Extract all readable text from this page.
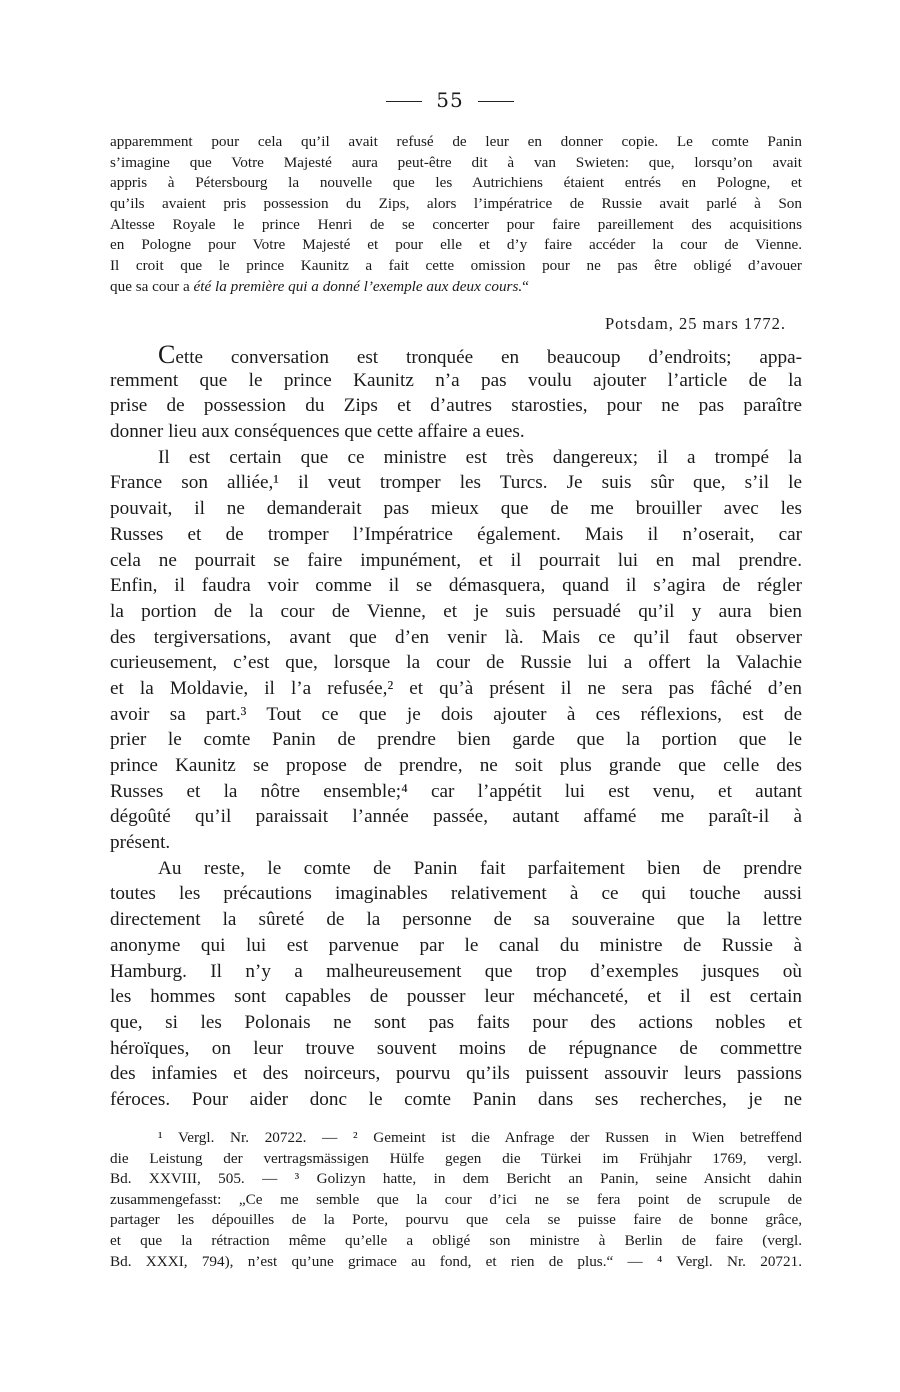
55
apparemment pour cela qu’il avait refusé de leur en donner copie. Le comte Panin
s’imagine que Votre Majesté aura peut-être dit à van Swieten: que, lorsqu’on avait
appris à Pétersbourg la nouvelle que les Autrichiens étaient entrés en Pologne, et
qu’ils avaient pris possession du Zips, alors l’impératrice de Russie avait parlé à Son
Altesse Royale le prince Henri de se concerter pour faire pareillement des acquisitions
en Pologne pour Votre Majesté et pour elle et d’y faire accéder la cour de Vienne.
Il croit que le prince Kaunitz a fait cette omission pour ne pas être obligé d’avouer
que sa cour a été la première qui a donné l’exemple aux deux cours.“
Potsdam, 25 mars 1772.
Cette conversation est tronquée en beaucoup d’endroits; appa-
remment que le prince Kaunitz n’a pas voulu ajouter l’article de la
prise de possession du Zips et d’autres starosties, pour ne pas paraître
donner lieu aux conséquences que cette affaire a eues.
Il est certain que ce ministre est très dangereux; il a trompé la
France son alliée,¹ il veut tromper les Turcs. Je suis sûr que, s’il le
pouvait, il ne demanderait pas mieux que de me brouiller avec les
Russes et de tromper l’Impératrice également. Mais il n’oserait, car
cela ne pourrait se faire impunément, et il pourrait lui en mal prendre.
Enfin, il faudra voir comme il se démasquera, quand il s’agira de régler
la portion de la cour de Vienne, et je suis persuadé qu’il y aura bien
des tergiversations, avant que d’en venir là. Mais ce qu’il faut observer
curieusement, c’est que, lorsque la cour de Russie lui a offert la Valachie
et la Moldavie, il l’a refusée,² et qu’à présent il ne sera pas fâché d’en
avoir sa part.³ Tout ce que je dois ajouter à ces réflexions, est de
prier le comte Panin de prendre bien garde que la portion que le
prince Kaunitz se propose de prendre, ne soit plus grande que celle des
Russes et la nôtre ensemble;⁴ car l’appétit lui est venu, et autant
dégoûté qu’il paraissait l’année passée, autant affamé me paraît-il à
présent.
Au reste, le comte de Panin fait parfaitement bien de prendre
toutes les précautions imaginables relativement à ce qui touche aussi
directement la sûreté de la personne de sa souveraine que la lettre
anonyme qui lui est parvenue par le canal du ministre de Russie à
Hamburg. Il n’y a malheureusement que trop d’exemples jusques où
les hommes sont capables de pousser leur méchanceté, et il est certain
que, si les Polonais ne sont pas faits pour des actions nobles et
héroïques, on leur trouve souvent moins de répugnance de commettre
des infamies et des noirceurs, pourvu qu’ils puissent assouvir leurs passions
féroces. Pour aider donc le comte Panin dans ses recherches, je ne
¹ Vergl. Nr. 20722. — ² Gemeint ist die Anfrage der Russen in Wien betreffend
die Leistung der vertragsmässigen Hülfe gegen die Türkei im Frühjahr 1769, vergl.
Bd. XXVIII, 505. — ³ Golizyn hatte, in dem Bericht an Panin, seine Ansicht dahin
zusammengefasst: „Ce me semble que la cour d’ici ne se fera point de scrupule de
partager les dépouilles de la Porte, pourvu que cela se puisse faire de bonne grâce,
et que la rétraction même qu’elle a obligé son ministre à Berlin de faire (vergl.
Bd. XXXI, 794), n’est qu’une grimace au fond, et rien de plus.“ — ⁴ Vergl. Nr. 20721.
